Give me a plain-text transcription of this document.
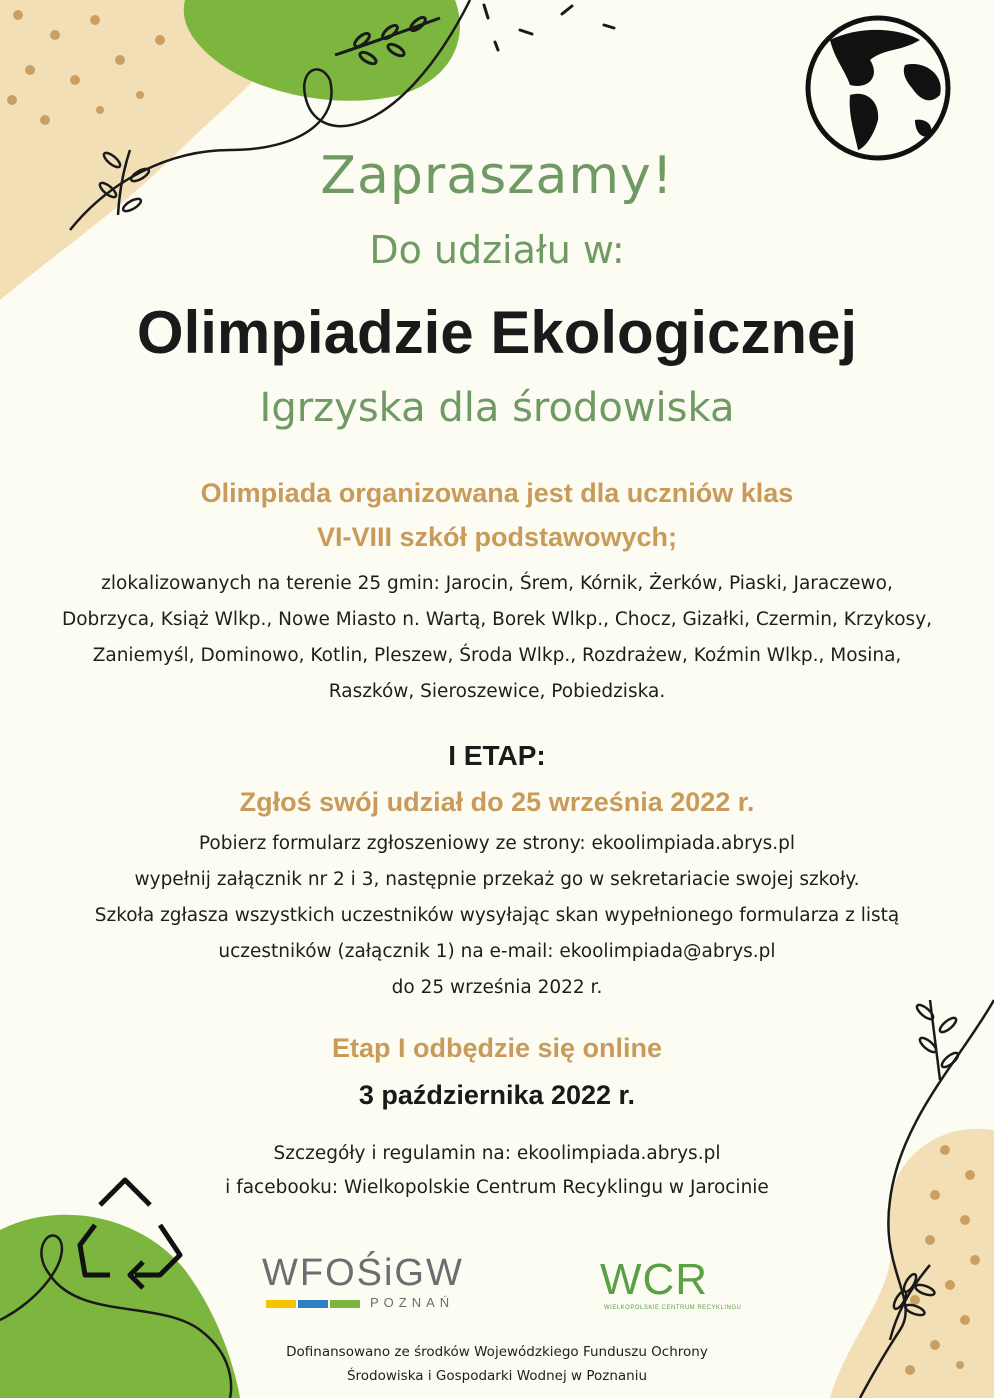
Zapraszamy!

Do udziału w:

Olimpiadzie Ekologicznej

Igrzyska dla środowiska

Olimpiada organizowana jest dla uczniów klas

VI-VIII szkół podstawowych;

zlokalizowanych na terenie 25 gmin: Jarocin, Śrem, Kórnik, Żerków, Piaski, Jaraczewo,

Dobrzyca, Książ Wlkp., Nowe Miasto n. Wartą, Borek Wlkp., Chocz, Gizałki, Czermin, Krzykosy,

Zaniemyśl, Dominowo, Kotlin, Pleszew, Środa Wlkp., Rozdrażew, Koźmin Wlkp., Mosina,

Raszków, Sieroszewice, Pobiedziska.

I ETAP:

Zgłoś swój udział do 25 września 2022 r.

Pobierz formularz zgłoszeniowy ze strony: ekoolimpiada.abrys.pl

wypełnij załącznik nr 2 i 3, następnie przekaż go w sekretariacie swojej szkoły.

Szkoła zgłasza wszystkich uczestników wysyłając skan wypełnionego formularza z listą

uczestników (załącznik 1) na e-mail: ekoolimpiada@abrys.pl

do 25 września 2022 r.

Etap I odbędzie się online

3 października 2022 r.

Szczegóły i regulamin na: ekoolimpiada.abrys.pl

i facebooku: Wielkopolskie Centrum Recyklingu w Jarocinie

WFOŚiGW

POZNAŃ	WCR

WIELKOPOLSKIE CENTRUM RECYKLINGU

Dofinansowano ze środków Wojewódzkiego Funduszu Ochrony

Środowiska i Gospodarki Wodnej w Poznaniu
